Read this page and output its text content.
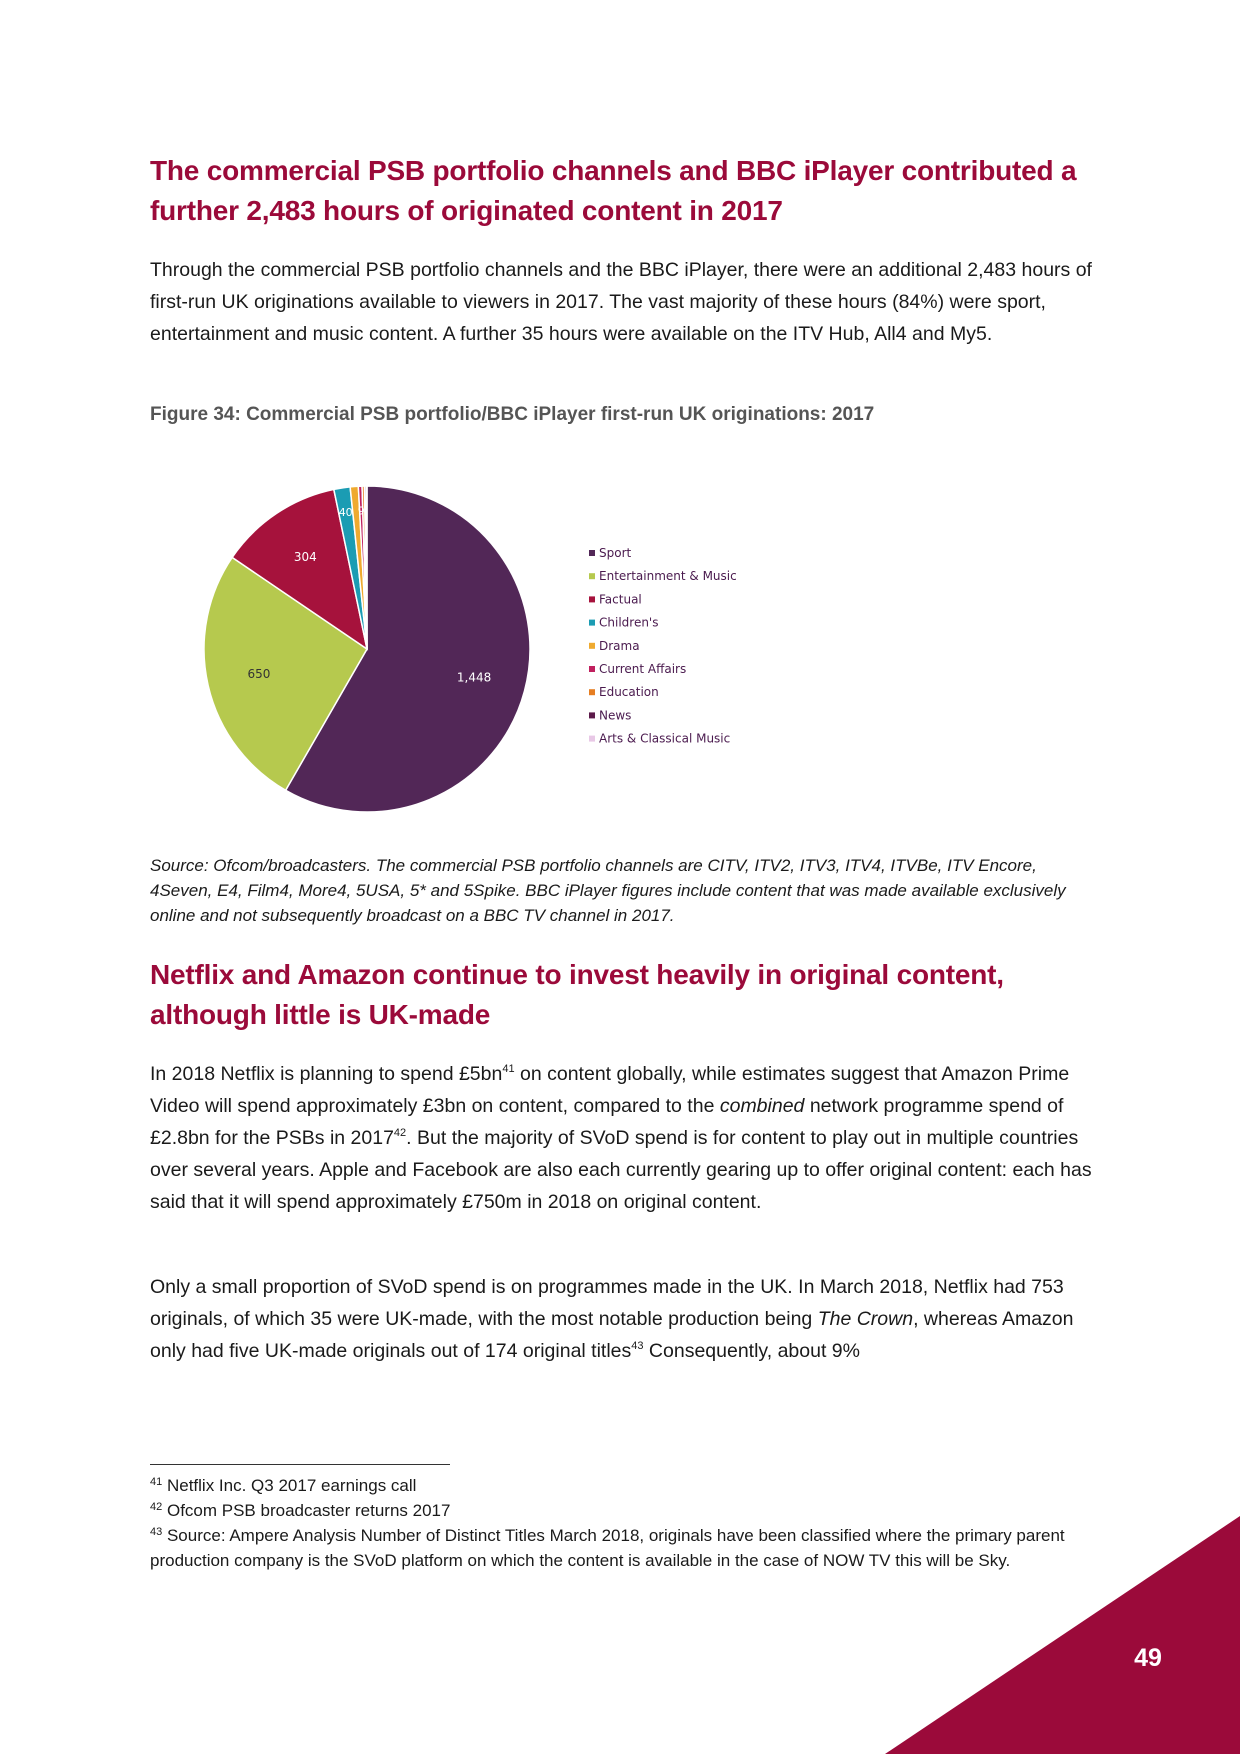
The commercial PSB portfolio channels and BBC iPlayer contributed a further 2,483 hours of originated content in 2017

Through the commercial PSB portfolio channels and the BBC iPlayer, there were an additional 2,483 hours of first-run UK originations available to viewers in 2017. The vast majority of these hours (84%) were sport, entertainment and music content. A further 35 hours were available on the ITV Hub, All4 and My5.

Figure 34: Commercial PSB portfolio/BBC iPlayer first-run UK originations: 2017

Source: Ofcom/broadcasters. The commercial PSB portfolio channels are CITV, ITV2, ITV3, ITV4, ITVBe, ITV Encore, 4Seven, E4, Film4, More4, 5USA, 5* and 5Spike. BBC iPlayer figures include content that was made available exclusively online and not subsequently broadcast on a BBC TV channel in 2017.

Netflix and Amazon continue to invest heavily in original content, although little is UK-made

In 2018 Netflix is planning to spend $£5bn^{41}$ on content globally, while estimates suggest that Amazon Prime Video will spend approximately £3bn on content, compared to the combined network programme spend of £2.8bn for the PSBs in 2017$^{42}$. But the majority of SVoD spend is for content to play out in multiple countries over several years. Apple and Facebook are also each currently gearing up to offer original content: each has said that it will spend approximately £750m in 2018 on original content.

Only a small proportion of SVoD spend is on programmes made in the UK. In March 2018, Netflix had 753 originals, of which 35 were UK-made, with the most notable production being The Crown, whereas Amazon only had five UK-made originals out of 174 original titles$^{43}$ Consequently, about 9%

1,448
650
304
40 9
Sport
Entertainment & Music
Factual
Children's
Drama
Current Affairs
Education
News
Arts & Classical Music

$^{41}$ Netflix Inc. Q3 2017 earnings call

$^{42}$ Ofcom PSB broadcaster returns 2017

$^{43}$ Source: Ampere Analysis Number of Distinct Titles March 2018, originals have been classified where the primary parent production company is the SVoD platform on which the content is available in the case of NOW TV this will be Sky.

49
